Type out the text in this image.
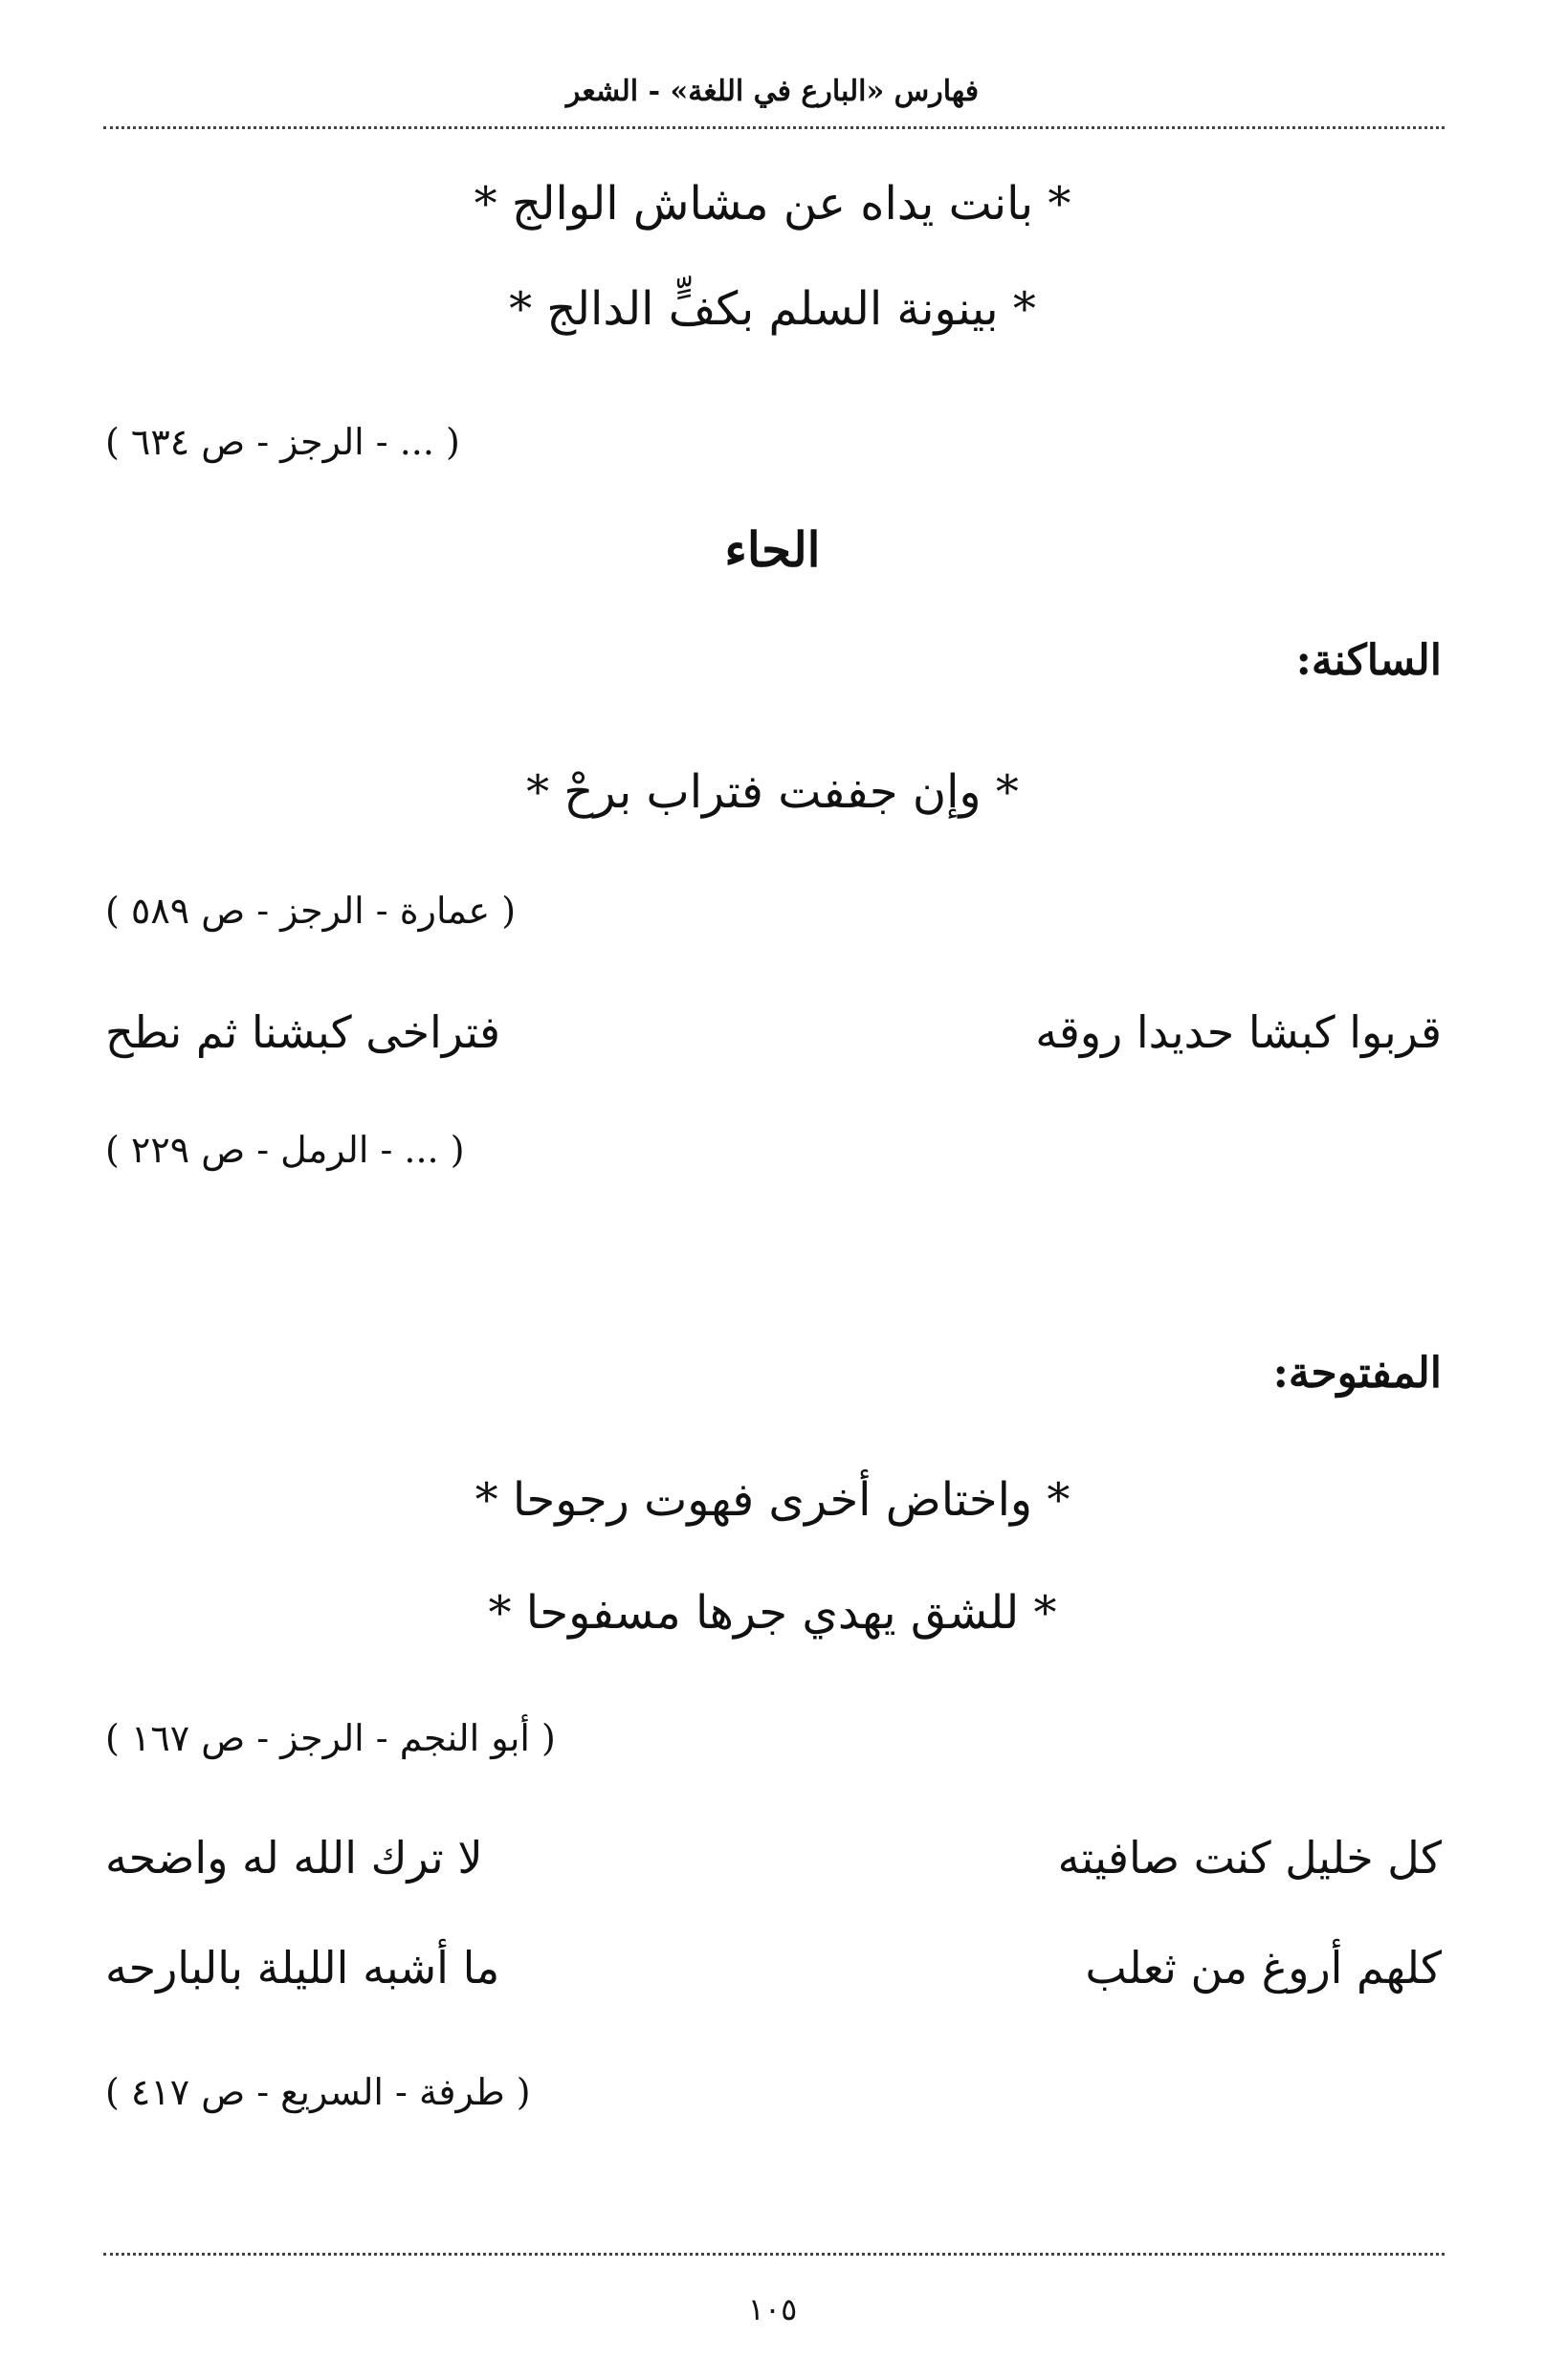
فهارس «البارع في اللغة» - الشعر
* بانت يداه عن مشاش الوالج *
* بينونة السلم بكفٍّ الدالج *
( ... - الرجز - ص ٦٣٤ )
الحاء
الساكنة:
* وإن جففت فتراب برحْ *
( عمارة - الرجز - ص ٥٨٩ )
قربوا كبشا حديدا روقه
فتراخى كبشنا ثم نطح
( ... - الرمل - ص ٢٢٩ )
المفتوحة:
* واختاض أخرى فهوت رجوحا *
* للشق يهدي جرها مسفوحا *
( أبو النجم - الرجز - ص ١٦٧ )
كل خليل كنت صافيته
لا ترك الله له واضحه
كلهم أروغ من ثعلب
ما أشبه الليلة بالبارحه
( طرفة - السريع - ص ٤١٧ )
١٠٥
